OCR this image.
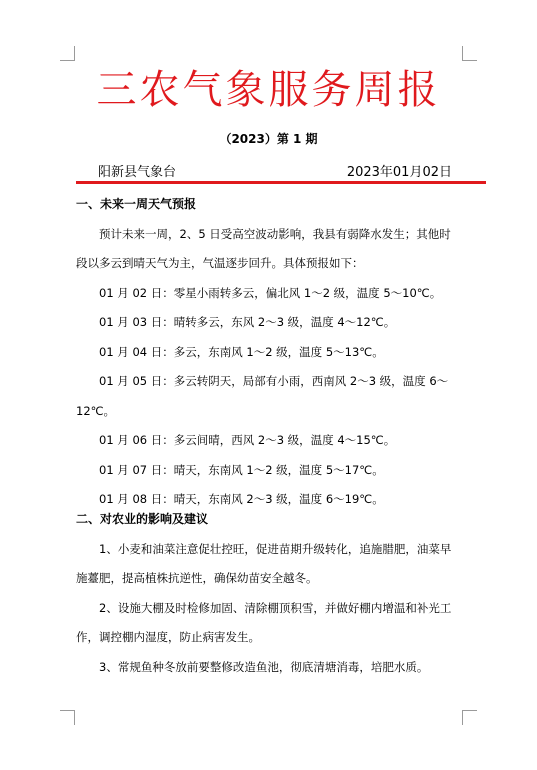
三农气象服务周报
（2023）第 1 期
阳新县气象台	2023年01月02日
一、未来一周天气预报
预计未来一周，2、5 日受高空波动影响，我县有弱降水发生；其他时段以多云到晴天气为主，气温逐步回升。具体预报如下：
01 月 02 日：零星小雨转多云，偏北风 1～2 级，温度 5～10℃。
01 月 03 日：晴转多云，东风 2～3 级，温度 4～12℃。
01 月 04 日：多云，东南风 1～2 级，温度 5～13℃。
01 月 05 日：多云转阴天，局部有小雨，西南风 2～3 级，温度 6～12℃。
01 月 06 日：多云间晴，西风 2～3 级，温度 4～15℃。
01 月 07 日：晴天，东南风 1～2 级，温度 5～17℃。
01 月 08 日：晴天，东南风 2～3 级，温度 6～19℃。
二、对农业的影响及建议
1、小麦和油菜注意促壮控旺，促进苗期升级转化，追施腊肥，油菜早施薹肥，提高植株抗逆性，确保幼苗安全越冬。
2、设施大棚及时检修加固、清除棚顶积雪，并做好棚内增温和补光工作，调控棚内湿度，防止病害发生。
3、常规鱼种冬放前要整修改造鱼池，彻底清塘消毒，培肥水质。
